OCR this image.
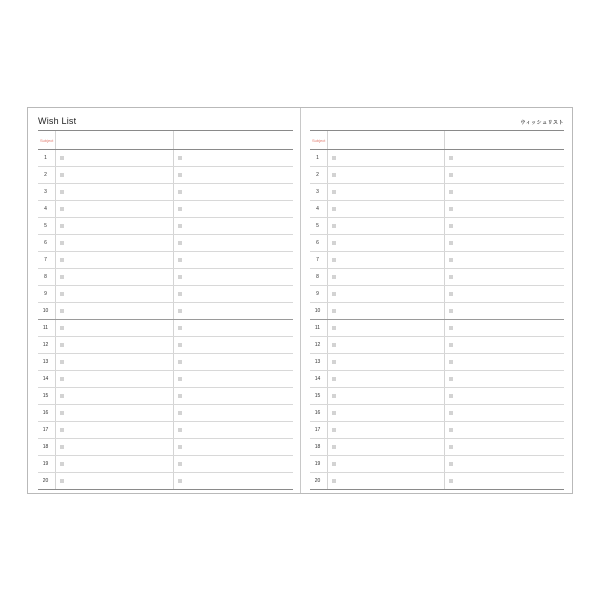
Wish List
Subject
1
2
3
4
5
6
7
8
9
10
11
12
13
14
15
16
17
18
19
20
ウィッシュリスト
Subject
1
2
3
4
5
6
7
8
9
10
11
12
13
14
15
16
17
18
19
20
